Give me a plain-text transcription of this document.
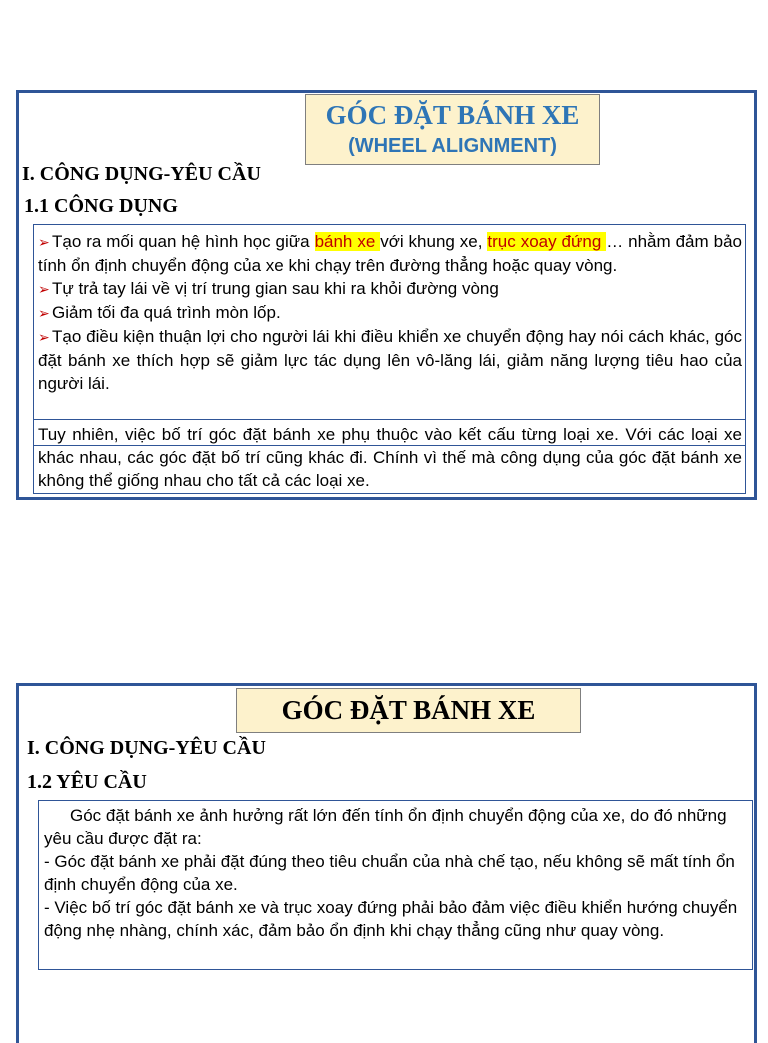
GÓC ĐẶT BÁNH XE
(WHEEL ALIGNMENT)

I. CÔNG DỤNG-YÊU CẦU

1.1 CÔNG DỤNG

➢ Tạo ra mối quan hệ hình học giữa bánh xe với khung xe, trục xoay đứng … nhằm đảm bảo tính ổn định chuyển động của xe khi chạy trên đường thẳng hoặc quay vòng.

➢ Tự trả tay lái về vị trí trung gian sau khi ra khỏi đường vòng

➢ Giảm tối đa quá trình mòn lốp.

➢ Tạo điều kiện thuận lợi cho người lái khi điều khiển xe chuyển động hay nói cách khác, góc đặt bánh xe thích hợp sẽ giảm lực tác dụng lên vô-lăng lái, giảm năng lượng tiêu hao của người lái.

Tuy nhiên, việc bố trí góc đặt bánh xe phụ thuộc vào kết cấu từng loại xe. Với các loại xe khác nhau, các góc đặt bố trí cũng khác đi. Chính vì thế mà công dụng của góc đặt bánh xe không thể giống nhau cho tất cả các loại xe.

GÓC ĐẶT BÁNH XE

I. CÔNG DỤNG-YÊU CẦU

1.2 YÊU CẦU

Góc đặt bánh xe ảnh hưởng rất lớn đến tính ổn định chuyển động của xe, do đó những yêu cầu được đặt ra:

- Góc đặt bánh xe phải đặt đúng theo tiêu chuẩn của nhà chế tạo, nếu không sẽ mất tính ổn định chuyển động của xe.

- Việc bố trí góc đặt bánh xe và trục xoay đứng phải bảo đảm việc điều khiển hướng chuyển động nhẹ nhàng, chính xác, đảm bảo ổn định khi chạy thẳng cũng như quay vòng.
